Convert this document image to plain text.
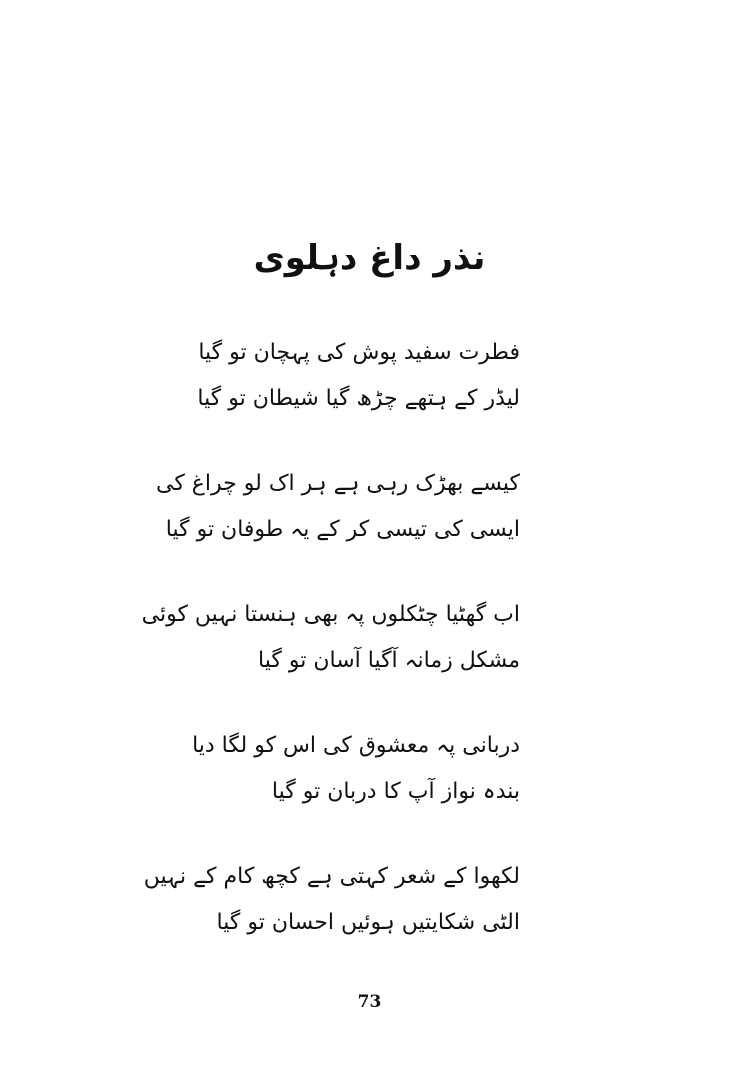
نذر داغ دہلوی
فطرت سفید پوش کی پہچان تو گیا
لیڈر کے ہتھے چڑھ گیا شیطان تو گیا
کیسے بھڑک رہی ہے ہر اک لو چراغ کی
ایسی کی تیسی کر کے یہ طوفان تو گیا
اب گھٹیا چٹکلوں پہ بھی ہنستا نہیں کوئی
مشکل زمانہ آگیا آسان تو گیا
دربانی پہ معشوق کی اس کو لگا دیا
بندہ نواز آپ کا دربان تو گیا
لکھوا کے شعر کہتی ہے کچھ کام کے نہیں
الٹی شکایتیں ہوئیں احسان تو گیا
73
